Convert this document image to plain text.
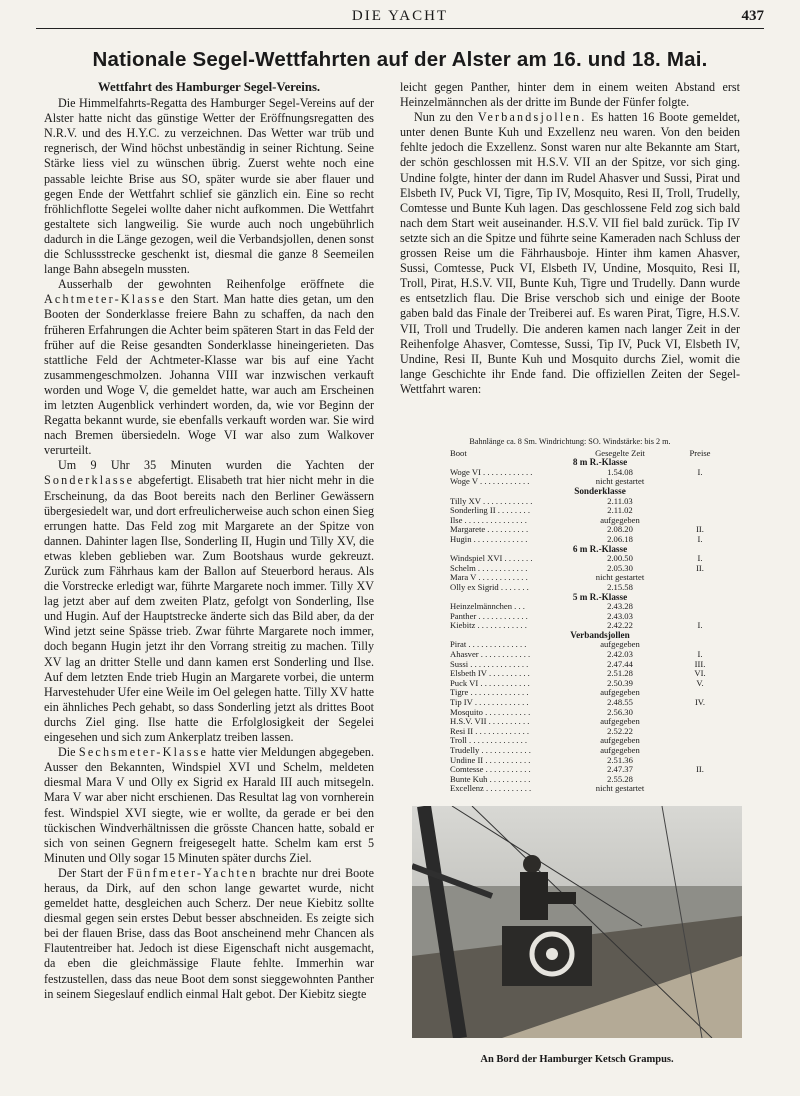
DIE YACHT	437
Nationale Segel-Wettfahrten auf der Alster am 16. und 18. Mai.
Wettfahrt des Hamburger Segel-Vereins.

Die Himmelfahrts-Regatta des Hamburger Segel-Vereins auf der Alster hatte nicht das günstige Wetter der Eröffnungsregatten des N.R.V. und des H.Y.C. zu verzeichnen. Das Wetter war trüb und regnerisch, der Wind höchst unbeständig in seiner Richtung. Seine Stärke liess viel zu wünschen übrig. Zuerst wehte noch eine passable leichte Brise aus SO, später wurde sie aber flauer und gegen Ende der Wettfahrt schlief sie gänzlich ein. Eine so recht fröhlichflotte Segelei wollte daher nicht aufkommen. Die Wettfahrt gestaltete sich langweilig. Sie wurde auch noch ungebührlich dadurch in die Länge gezogen, weil die Verbandsjollen, denen sonst die Schlussstrecke geschenkt ist, diesmal die ganze 8 Seemeilen lange Bahn absegeln mussten.

Ausserhalb der gewohnten Reihenfolge eröffnete die Achtmeter-Klasse den Start. Man hatte dies getan, um den Booten der Sonderklasse freiere Bahn zu schaffen, da nach den früheren Erfahrungen die Achter beim späteren Start in das Feld der früher auf die Reise gesandten Sonderklasse hineingerieten. Das stattliche Feld der Achtmeter-Klasse war bis auf eine Yacht zusammengeschmolzen. Johanna VIII war inzwischen verkauft worden und Woge V, die gemeldet hatte, war auch am Erscheinen im letzten Augenblick verhindert worden, da, wie vor Beginn der Regatta bekannt wurde, sie ebenfalls verkauft worden war. Sie wird nach Bremen übersiedeln. Woge VI war also zum Walkover verurteilt.

Um 9 Uhr 35 Minuten wurden die Yachten der Sonderklasse abgefertigt. Elisabeth trat hier nicht mehr in die Erscheinung, da das Boot bereits nach den Berliner Gewässern übergesiedelt war, und dort erfreulicherweise auch schon einen Sieg errungen hatte. Das Feld zog mit Margarete an der Spitze von dannen. Dahinter lagen Ilse, Sonderling II, Hugin und Tilly XV, die etwas kleben geblieben war. Zum Bootshaus wurde gekreuzt. Zurück zum Fährhaus kam der Ballon auf Steuerbord heraus. Als die Vorstrecke erledigt war, führte Margarete noch immer. Tilly XV lag jetzt aber auf dem zweiten Platz, gefolgt von Sonderling, Ilse und Hugin. Auf der Hauptstrecke änderte sich das Bild aber, da der Wind jetzt seine Spässe trieb. Zwar führte Margarete noch immer, doch begann Hugin jetzt ihr den Vorrang streitig zu machen. Tilly XV lag an dritter Stelle und dann kamen erst Sonderling und Ilse. Auf dem letzten Ende trieb Hugin an Margarete vorbei, die unterm Harvestehuder Ufer eine Weile im Oel gelegen hatte. Tilly XV hatte ein ähnliches Pech gehabt, so dass Sonderling jetzt als drittes Boot durchs Ziel ging. Ilse hatte die Erfolglosigkeit der Segelei eingesehen und sich zum Ankerplatz treiben lassen.

Die Sechsmeter-Klasse hatte vier Meldungen abgegeben. Ausser den Bekannten, Windspiel XVI und Schelm, meldeten diesmal Mara V und Olly ex Sigrid ex Harald III auch mitsegeln. Mara V war aber nicht erschienen. Das Resultat lag von vornherein fest. Windspiel XVI siegte, wie er wollte, da gerade er bei den tückischen Windverhältnissen die grösste Chancen hatte, sobald er sich von seinen Gegnern freigesegelt hatte. Schelm kam erst 5 Minuten und Olly sogar 15 Minuten später durchs Ziel.

Der Start der Fünfmeter-Yachten brachte nur drei Boote heraus, da Dirk, auf den schon lange gewartet wurde, nicht gemeldet hatte, desgleichen auch Scherz. Der neue Kiebitz sollte diesmal gegen sein erstes Debut besser abschneiden. Es zeigte sich bei der flauen Brise, dass das Boot anscheinend mehr Chancen als Flautentreiber hat. Jedoch ist diese Eigenschaft nicht ausgemacht, da eben die gleichmässige Flaute fehlte. Immerhin war festzustellen, dass das neue Boot dem sonst sieggewohnten Panther in seinem Siegeslauf endlich einmal Halt gebot. Der Kiebitz siegte

leicht gegen Panther, hinter dem in einem weiten Abstand erst Heinzelmännchen als der dritte im Bunde der Fünfer folgte.

Nun zu den Verbandsjollen. Es hatten 16 Boote gemeldet, unter denen Bunte Kuh und Exzellenz neu waren. Von den beiden fehlte jedoch die Exzellenz. Sonst waren nur alte Bekannte am Start, der schön geschlossen mit H.S.V. VII an der Spitze, vor sich ging. Undine folgte, hinter der dann im Rudel Ahasver und Sussi, Pirat und Elsbeth IV, Puck VI, Tigre, Tip IV, Mosquito, Resi II, Troll, Trudelly, Comtesse und Bunte Kuh lagen. Das geschlossene Feld zog sich bald nach dem Start weit auseinander. H.S.V. VII fiel bald zurück. Tip IV setzte sich an die Spitze und führte seine Kameraden nach Schluss der grossen Reise um die Fährhausboje. Hinter ihm kamen Ahasver, Sussi, Comtesse, Puck VI, Elsbeth IV, Undine, Mosquito, Resi II, Troll, Pirat, H.S.V. VII, Bunte Kuh, Tigre und Trudelly. Dann wurde es entsetzlich flau. Die Brise verschob sich und einige der Boote gaben bald das Finale der Treiberei auf. Es waren Pirat, Tigre, H.S.V. VII, Troll und Trudelly. Die anderen kamen nach langer Zeit in der Reihenfolge Ahasver, Comtesse, Sussi, Tip IV, Puck VI, Elsbeth IV, Undine, Resi II, Bunte Kuh und Mosquito durchs Ziel, womit die lange Geschichte ihr Ende fand. Die offiziellen Zeiten der Segel-Wettfahrt waren:

Bahnlänge ca. 8 Sm. Windrichtung: SO. Windstärke: bis 2 m.
Boot	Gesegelte Zeit	Preise
8 m R.-Klasse
Woge VI . . . . . . . . . . . .	1.54.08	I.
Woge V . . . . . . . . . . . .	nicht gestartet
Sonderklasse
Tilly XV . . . . . . . . . . . .	2.11.03
Sonderling II . . . . . . . .	2.11.02
Ilse . . . . . . . . . . . . . . .	aufgegeben
Margarete . . . . . . . . . .	2.08.20	II.
Hugin . . . . . . . . . . . . .	2.06.18	I.
6 m R.-Klasse
Windspiel XVI . . . . . . .	2.00.50	I.
Schelm . . . . . . . . . . . .	2.05.30	II.
Mara V . . . . . . . . . . . .	nicht gestartet
Olly ex Sigrid . . . . . . .	2.15.58
5 m R.-Klasse
Heinzelmännchen . . .	2.43.28
Panther . . . . . . . . . . . .	2.43.03
Kiebitz . . . . . . . . . . . .	2.42.22	I.
Verbandsjollen
Pirat . . . . . . . . . . . . . .	aufgegeben
Ahasver . . . . . . . . . . . .	2.42.03	I.
Sussi . . . . . . . . . . . . . .	2.47.44	III.
Elsbeth IV . . . . . . . . . .	2.51.28	VI.
Puck VI . . . . . . . . . . . .	2.50.39	V.
Tigre . . . . . . . . . . . . . .	aufgegeben
Tip IV . . . . . . . . . . . . .	2.48.55	IV.
Mosquito . . . . . . . . . . .	2.56.30
H.S.V. VII . . . . . . . . . .	aufgegeben
Resi II . . . . . . . . . . . . .	2.52.22
Troll . . . . . . . . . . . . . .	aufgegeben
Trudelly . . . . . . . . . . . .	aufgegeben
Undine II . . . . . . . . . . .	2.51.36
Comtesse . . . . . . . . . . .	2.47.37	II.
Bunte Kuh . . . . . . . . . .	2.55.28
Excellenz . . . . . . . . . . .	nicht gestartet
An Bord der Hamburger Ketsch Grampus.
